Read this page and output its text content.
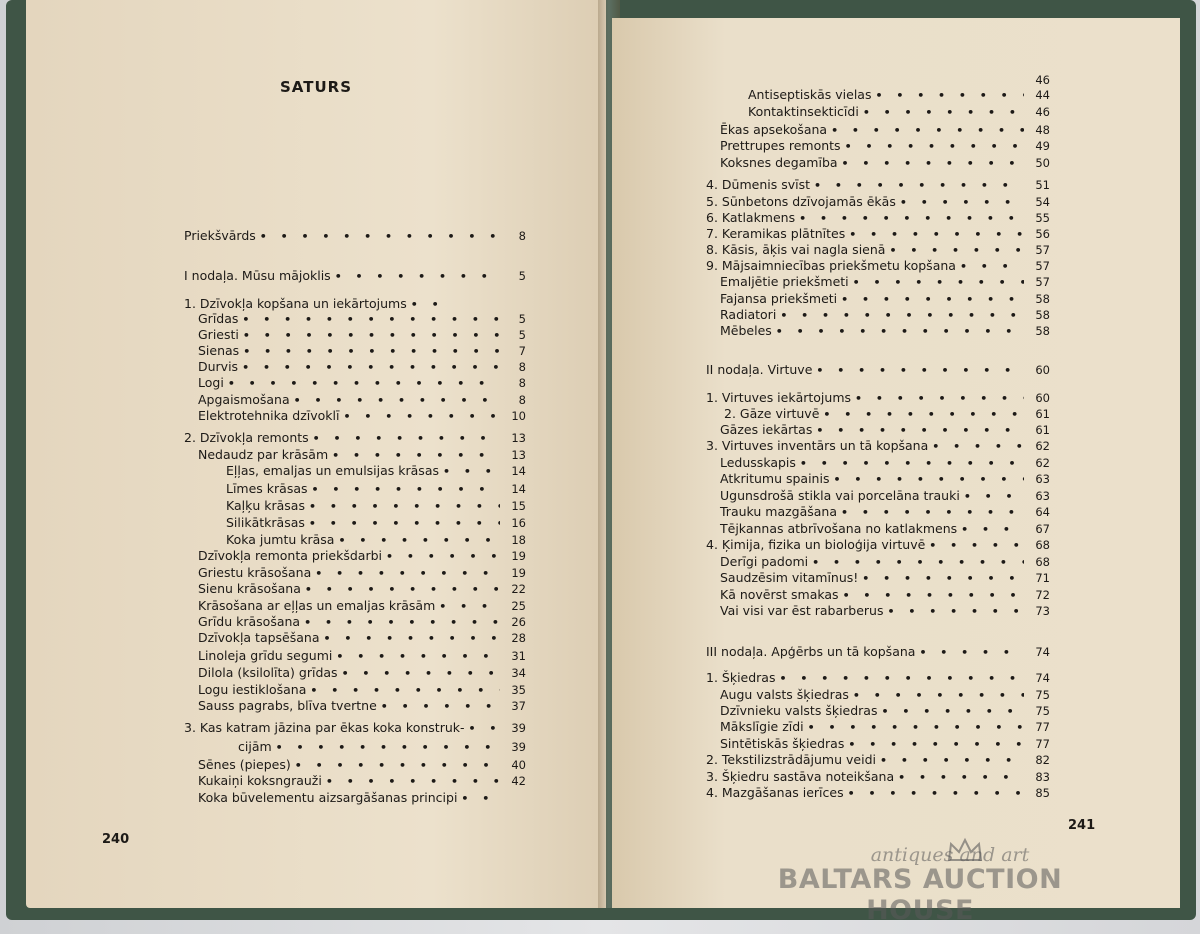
SATURS
Priekšvārds • • •	8
I nodaļa. Mūsu mājoklis • • •	5
1. Dzīvokļa kopšana un iekārtojums
• • •
Grīdas • • •	5
Griesti • • •	5
Sienas • • •	7
Durvis • • •	8
Logi • • •	8
Apgaismošana • • •	8
Elektrotehnika dzīvoklī • • •	10
2. Dzīvokļa remonts • • •	13
Nedaudz par krāsām • • •	13
Eļļas, emaljas un emulsijas krāsas • • •	14
Līmes krāsas • • •	14
Kaļķu krāsas • • •	15
Silikātkrāsas • • •	16
Koka jumtu krāsa • • •	18
Dzīvokļa remonta priekšdarbi • • •	19
Griestu krāsošana • • •	19
Sienu krāsošana • • •	22
Krāsošana ar eļļas un emaljas krāsām • • •	25
Grīdu krāsošana • • •	26
Dzīvokļa tapsēšana • • •	28
Linoleja grīdu segumi • • •	31
Dilola (ksilolīta) grīdas • • •	34
Logu iestiklošana • • •	35
Sauss pagrabs, blīva tvertne • • •	37
3. Kas katram jāzina par ēkas koka konstruk- • • •	39
cijām • • •	39
Sēnes (piepes) • • •	40
Kukaiņi koksngrauži • • •	42
Koka būvelementu aizsargāšanas principi
• • •
240
46
Antiseptiskās vielas • • •	44
Kontaktinsekticīdi • • •	46
Ēkas apsekošana • • •	48
Prettrupes remonts • • •	49
Koksnes degamība • • •	50
4. Dūmenis svīst • • •	51
5. Sūnbetons dzīvojamās ēkās • • •	54
6. Katlakmens • • •	55
7. Keramikas plātnītes • • •	56
8. Kāsis, āķis vai nagla sienā • • •	57
9. Mājsaimniecības priekšmetu kopšana • • •	57
Emaljētie priekšmeti • • •	57
Fajansa priekšmeti • • •	58
Radiatori • • •	58
Mēbeles • • •	58
II nodaļa. Virtuve • • •	60
1. Virtuves iekārtojums • • •	60
2. Gāze virtuvē • • •	61
Gāzes iekārtas • • •	61
3. Virtuves inventārs un tā kopšana • • •	62
Ledusskapis • • •	62
Atkritumu spainis • • •	63
Ugunsdrošā stikla vai porcelāna trauki • • •	63
Trauku mazgāšana • • •	64
Tējkannas atbrīvošana no katlakmens • • •	67
4. Ķimija, fizika un bioloģija virtuvē • • •	68
Derīgi padomi • • •	68
Saudzēsim vitamīnus! • • •	71
Kā novērst smakas • • •	72
Vai visi var ēst rabarberus • • •	73
III nodaļa. Apģērbs un tā kopšana • • •	74
1. Šķiedras • • •	74
Augu valsts šķiedras • • •	75
Dzīvnieku valsts šķiedras • • •	75
Mākslīgie zīdi • • •	77
Sintētiskās šķiedras • • •	77
2. Tekstilizstrādājumu veidi • • •	82
3. Šķiedru sastāva noteikšana • • •	83
4. Mazgāšanas ierīces • • •	85
241
antiques and art
BALTARS AUCTION HOUSE
